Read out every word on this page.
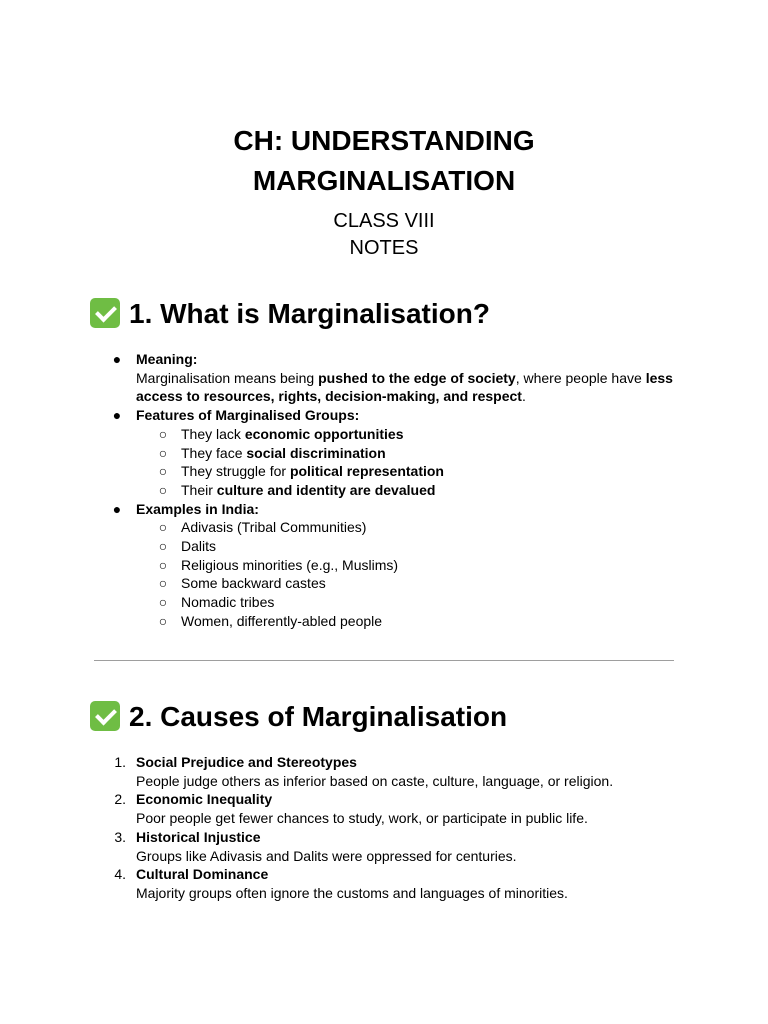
CH: UNDERSTANDING
MARGINALISATION
CLASS VIII
NOTES
1. What is Marginalisation?
● Meaning:
Marginalisation means being pushed to the edge of society, where people have less access to resources, rights, decision-making, and respect.
● Features of Marginalised Groups:
○ They lack economic opportunities
○ They face social discrimination
○ They struggle for political representation
○ Their culture and identity are devalued
● Examples in India:
○ Adivasis (Tribal Communities)
○ Dalits
○ Religious minorities (e.g., Muslims)
○ Some backward castes
○ Nomadic tribes
○ Women, differently-abled people
2. Causes of Marginalisation
1. Social Prejudice and Stereotypes
People judge others as inferior based on caste, culture, language, or religion.
2. Economic Inequality
Poor people get fewer chances to study, work, or participate in public life.
3. Historical Injustice
Groups like Adivasis and Dalits were oppressed for centuries.
4. Cultural Dominance
Majority groups often ignore the customs and languages of minorities.
